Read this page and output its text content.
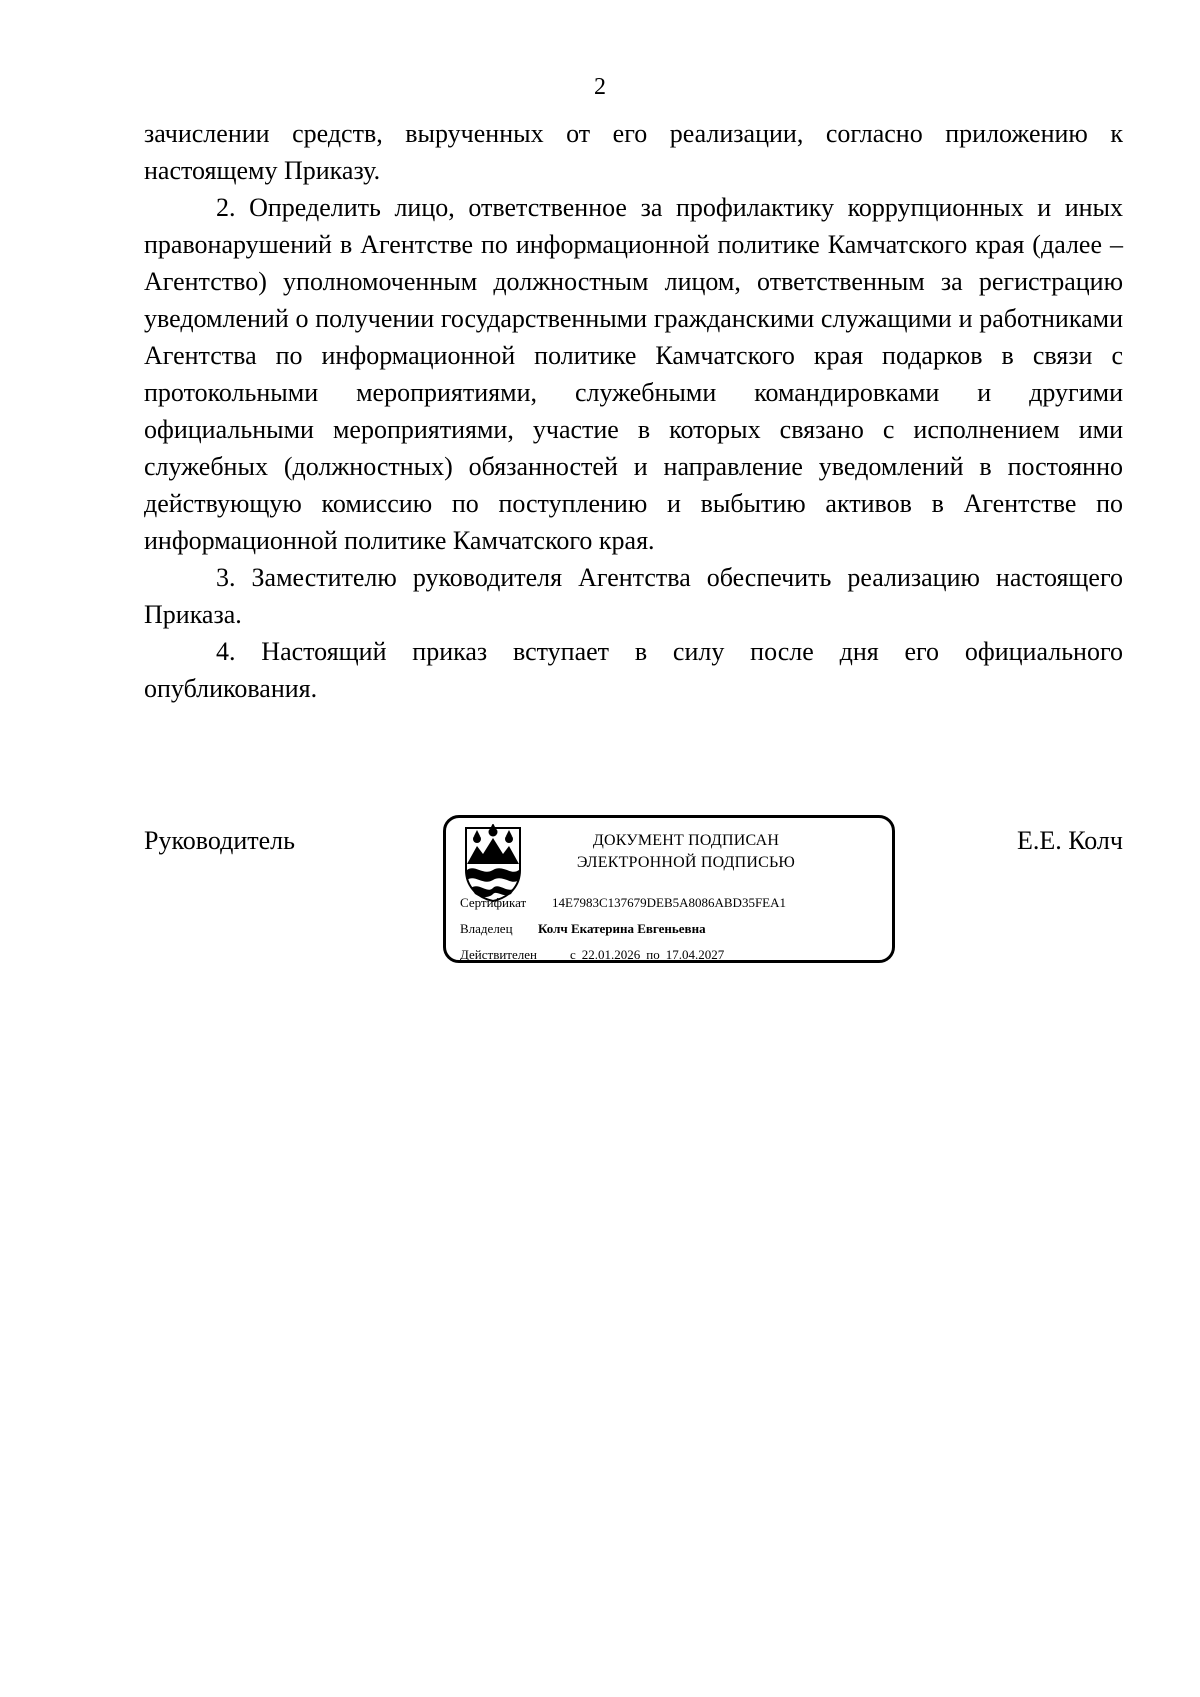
2

зачислении средств, вырученных от его реализации, согласно приложению к настоящему Приказу.

2. Определить лицо, ответственное за профилактику коррупционных и иных правонарушений в Агентстве по информационной политике Камчатского края (далее – Агентство) уполномоченным должностным лицом, ответственным за регистрацию уведомлений о получении государственными гражданскими служащими и работниками Агентства по информационной политике Камчатского края подарков в связи с протокольными мероприятиями, служебными командировками и другими официальными мероприятиями, участие в которых связано с исполнением ими служебных (должностных) обязанностей и направление уведомлений в постоянно действующую комиссию по поступлению и выбытию активов в Агентстве по информационной политике Камчатского края.

3. Заместителю руководителя Агентства обеспечить реализацию настоящего Приказа.

4. Настоящий приказ вступает в силу после дня его официального опубликования.

Руководитель	ДОКУМЕНТ ПОДПИСАН
ЭЛЕКТРОННОЙ ПОДПИСЬЮ
Сертификат 14E7983C137679DEB5A8086ABD35FEA1
Владелец Колч Екатерина Евгеньевна
Действителен	с 22.01.2026 по 17.04.2027
Е.Е. Колч
